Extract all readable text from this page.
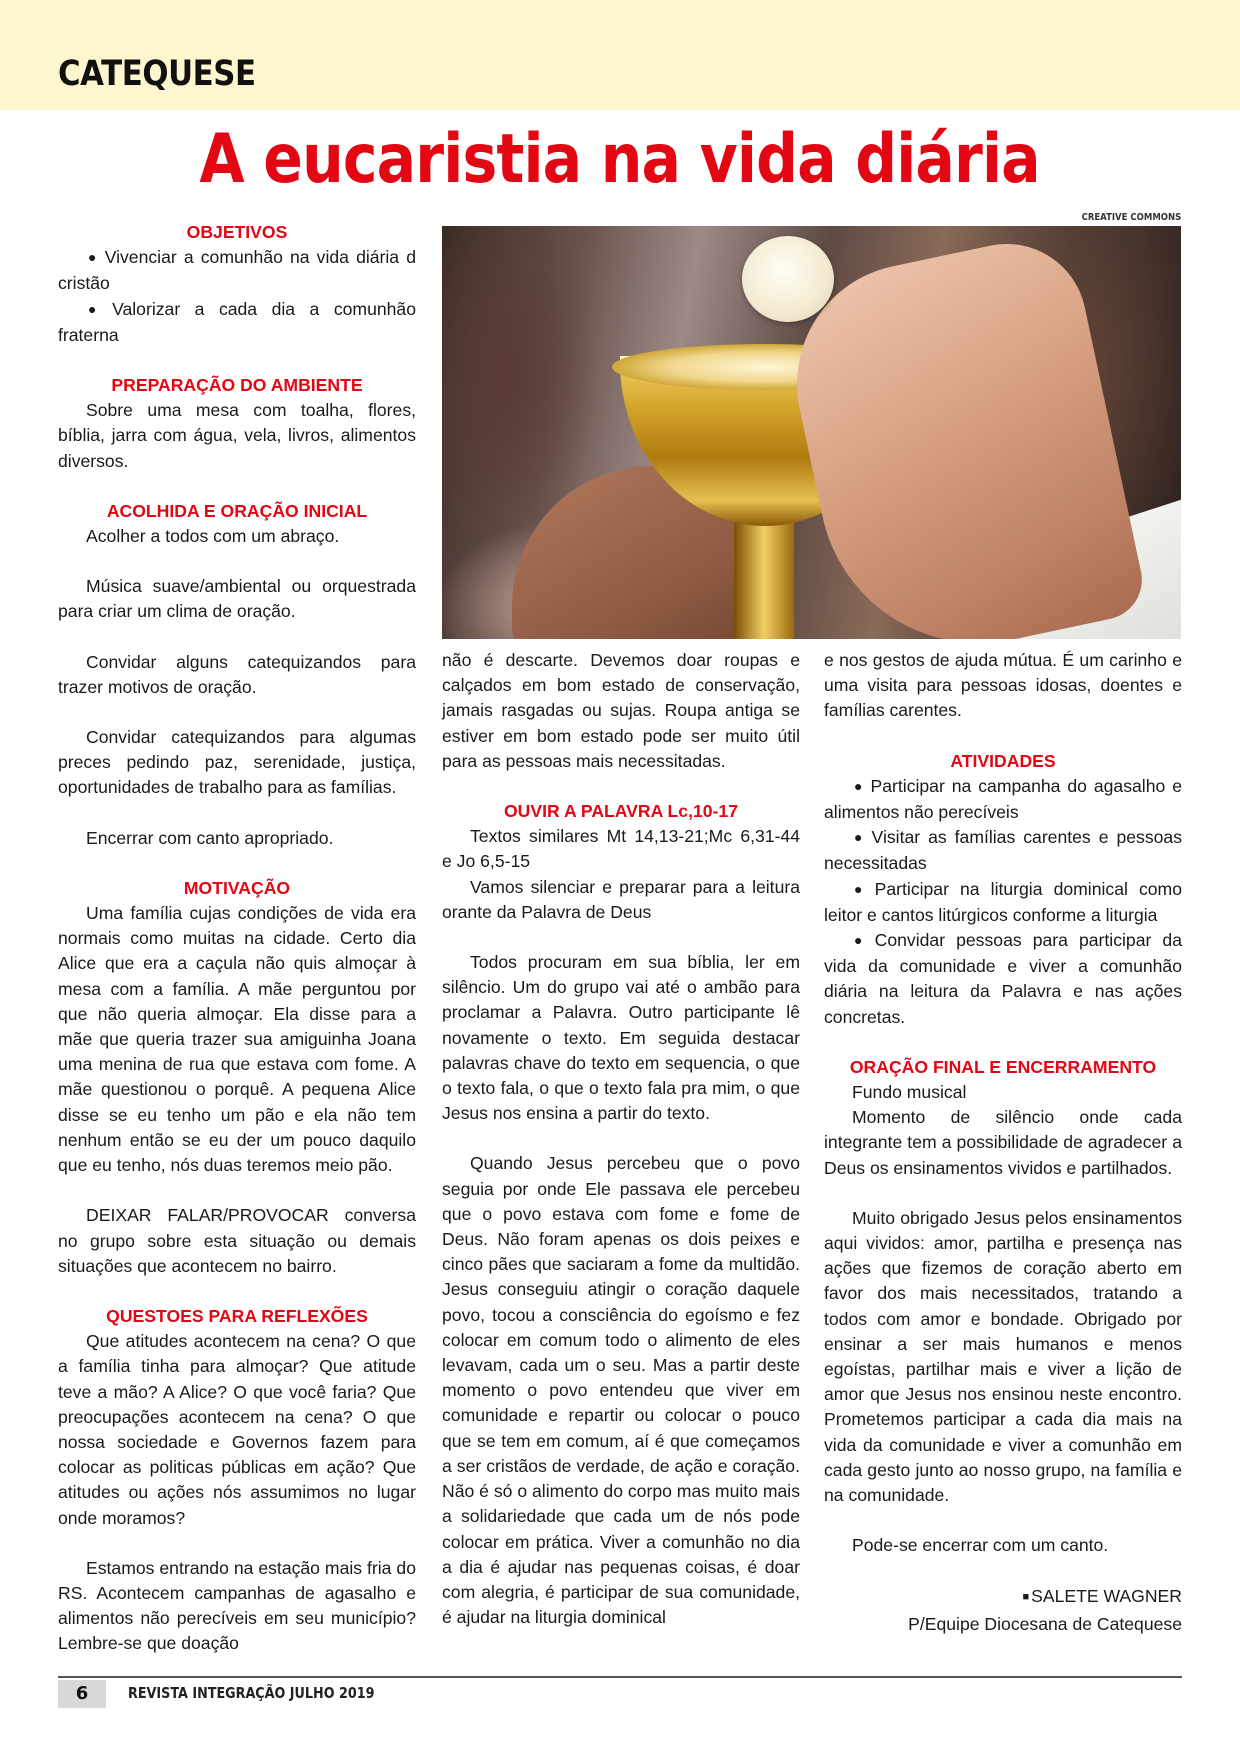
CATEQUESE
A eucaristia na vida diária
CREATIVE COMMONS

OBJETIVOS

● Vivenciar a comunhão na vida diária d cristão

● Valorizar a cada dia a comunhão fraterna

PREPARAÇÃO DO AMBIENTE

Sobre uma mesa com toalha, flores, bíblia, jarra com água, vela, livros, alimentos diversos.

ACOLHIDA E ORAÇÃO INICIAL

Acolher a todos com um abraço.

Música suave/ambiental ou orquestrada para criar um clima de oração.

Convidar alguns catequizandos para trazer motivos de oração.

Convidar catequizandos para algumas preces pedindo paz, serenidade, justiça, oportunidades de trabalho para as famílias.

Encerrar com canto apropriado.

MOTIVAÇÃO

Uma família cujas condições de vida era normais como muitas na cidade. Certo dia Alice que era a caçula não quis almoçar à mesa com a família. A mãe perguntou por que não queria almoçar. Ela disse para a mãe que queria trazer sua amiguinha Joana uma menina de rua que estava com fome. A mãe questionou o porquê. A pequena Alice disse se eu tenho um pão e ela não tem nenhum então se eu der um pouco daquilo que eu tenho, nós duas teremos meio pão.

DEIXAR FALAR/PROVOCAR conversa no grupo sobre esta situação ou demais situações que acontecem no bairro.

QUESTOES PARA REFLEXÕES

Que atitudes acontecem na cena? O que a família tinha para almoçar? Que atitude teve a mão? A Alice? O que você faria? Que preocupações acontecem na cena? O que nossa sociedade e Governos fazem para colocar as politicas públicas em ação? Que atitudes ou ações nós assumimos no lugar onde moramos?

Estamos entrando na estação mais fria do RS. Acontecem campanhas de agasalho e alimentos não perecíveis em seu município? Lembre-se que doação

não é descarte. Devemos doar roupas e calçados em bom estado de conservação, jamais rasgadas ou sujas. Roupa antiga se estiver em bom estado pode ser muito útil para as pessoas mais necessitadas.

OUVIR A PALAVRA Lc,10-17

Textos similares Mt 14,13-21;Mc 6,31-44 e Jo 6,5-15

Vamos silenciar e preparar para a leitura orante da Palavra de Deus

Todos procuram em sua bíblia, ler em silêncio. Um do grupo vai até o ambão para proclamar a Palavra. Outro participante lê novamente o texto. Em seguida destacar palavras chave do texto em sequencia, o que o texto fala, o que o texto fala pra mim, o que Jesus nos ensina a partir do texto.

Quando Jesus percebeu que o povo seguia por onde Ele passava ele percebeu que o povo estava com fome e fome de Deus. Não foram apenas os dois peixes e cinco pães que saciaram a fome da multidão. Jesus conseguiu atingir o coração daquele povo, tocou a consciência do egoísmo e fez colocar em comum todo o alimento de eles levavam, cada um o seu. Mas a partir deste momento o povo entendeu que viver em comunidade e repartir ou colocar o pouco que se tem em comum, aí é que começamos a ser cristãos de verdade, de ação e coração. Não é só o alimento do corpo mas muito mais a solidariedade que cada um de nós pode colocar em prática. Viver a comunhão no dia a dia é ajudar nas pequenas coisas, é doar com alegria, é participar de sua comunidade, é ajudar na liturgia dominical

e nos gestos de ajuda mútua. É um carinho e uma visita para pessoas idosas, doentes e famílias carentes.

ATIVIDADES

● Participar na campanha do agasalho e alimentos não perecíveis

● Visitar as famílias carentes e pessoas necessitadas

● Participar na liturgia dominical como leitor e cantos litúrgicos conforme a liturgia

● Convidar pessoas para participar da vida da comunidade e viver a comunhão diária na leitura da Palavra e nas ações concretas.

ORAÇÃO FINAL E ENCERRAMENTO

Fundo musical

Momento de silêncio onde cada integrante tem a possibilidade de agradecer a Deus os ensinamentos vividos e partilhados.

Muito obrigado Jesus pelos ensinamentos aqui vividos: amor, partilha e presença nas ações que fizemos de coração aberto em favor dos mais necessitados, tratando a todos com amor e bondade. Obrigado por ensinar a ser mais humanos e menos egoístas, partilhar mais e viver a lição de amor que Jesus nos ensinou neste encontro. Prometemos participar a cada dia mais na vida da comunidade e viver a comunhão em cada gesto junto ao nosso grupo, na família e na comunidade.

Pode-se encerrar com um canto.

■ SALETE WAGNER

P/Equipe Diocesana de Catequese

6	REVISTA INTEGRAÇÃO JULHO 2019
